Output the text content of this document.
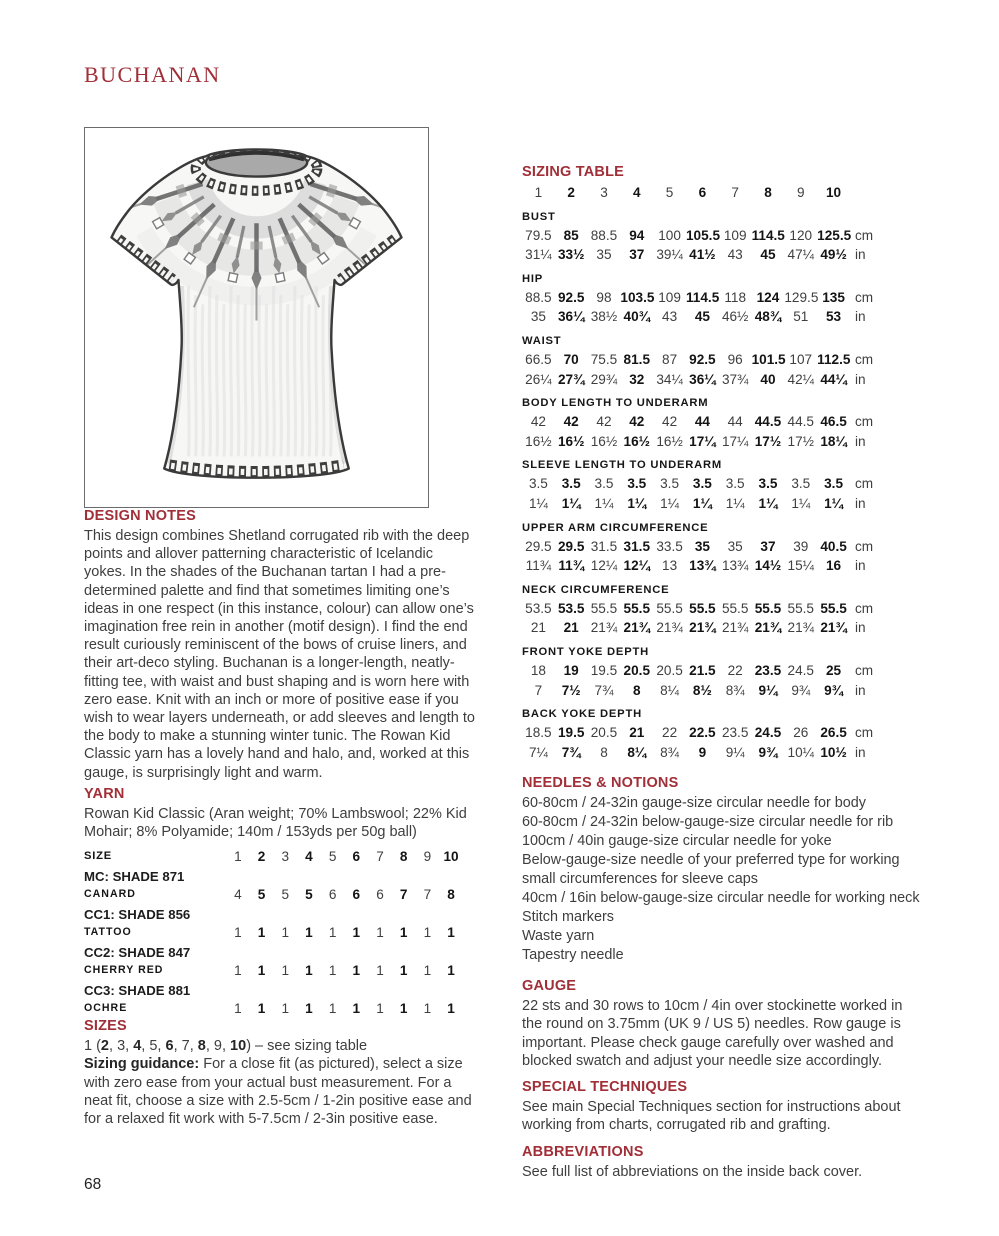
BUCHANAN
DESIGN NOTES

This design combines Shetland corrugated rib with the deep points and allover patterning characteristic of Icelandic yokes. In the shades of the Buchanan tartan I had a pre-determined palette and find that sometimes limiting one’s ideas in one respect (in this instance, colour) can allow one’s imagination free rein in another (motif design). I find the end result curiously reminiscent of the bows of cruise liners, and their art-deco styling. Buchanan is a longer-length, neatly-fitting tee, with waist and bust shaping and is worn here with zero ease. Knit with an inch or more of positive ease if you wish to wear layers underneath, or add sleeves and length to the body to make a stunning winter tunic. The Rowan Kid Classic yarn has a lovely hand and halo, and, worked at this gauge, is surprisingly light and warm.

YARN

Rowan Kid Classic (Aran weight; 70% Lambswool; 22% Kid Mohair; 8% Polyamide; 140m / 153yds per 50g ball)

SIZE	1	2	3	4	5	6	7	8	9 10
MC: SHADE 871
CANARD	4	5	5	5	6	6	6	7	7	8
CC1: SHADE 856
TATTOO	1	1	1	1	1	1	1	1	1	1
CC2: SHADE 847
CHERRY RED	1	1	1	1	1	1	1	1	1	1
CC3: SHADE 881
OCHRE	1	1	1	1	1	1	1	1	1	1
SIZES
1 (2, 3, 4, 5, 6, 7, 8, 9, 10) – see sizing table

Sizing guidance: For a close fit (as pictured), select a size with zero ease from your actual bust measurement. For a neat fit, choose a size with 2.5-5cm / 1-2in positive ease and for a relaxed fit work with 5-7.5cm / 2-3in positive ease.

SIZING TABLE
1	2	3	4	5	6	7	8	9	10
BUST
79.5 85 88.5 94	100 105.5 109 114.5 120 125.5 cm
31¼ 33½ 35	37 39¼ 41½ 43	45 47¼ 49½ in
HIP
88.5 92.5 98 103.5 109 114.5 118 124 129.5 135 cm
35 36¼ 38½ 40¾ 43	45 46½ 48¾ 51	53	in
WAIST
66.5 70 75.5 81.5 87 92.5 96 101.5 107 112.5 cm
26¼ 27¾ 29¾ 32 34¼ 36¼ 37¾ 40 42¼ 44¼ in
BODY LENGTH TO UNDERARM
42	42	42	42	42	44	44 44.5 44.5 46.5 cm
16½ 16½ 16½ 16½ 16½ 17¼ 17¼ 17½ 17½ 18¼ in
SLEEVE LENGTH TO UNDERARM
3.5	3.5	3.5	3.5	3.5	3.5	3.5	3.5	3.5	3.5 cm
1¼	1¼	1¼	1¼	1¼	1¼	1¼	1¼	1¼	1¼ in
UPPER ARM CIRCUMFERENCE
29.5 29.5 31.5 31.5 33.5 35	35	37	39 40.5 cm
11¾ 11¾ 12¼ 12¼ 13 13¾ 13¾ 14½ 15¼ 16	in
NECK CIRCUMFERENCE
53.5 53.5 55.5 55.5 55.5 55.5 55.5 55.5 55.5 55.5 cm
21	21 21¾ 21¾ 21¾ 21¾ 21¾ 21¾ 21¾ 21¾ in
FRONT YOKE DEPTH
18	19 19.5 20.5 20.5 21.5 22 23.5 24.5 25	cm
7	7½	7¾	8	8¼	8½	8¾	9¼	9¾	9¾ in
BACK YOKE DEPTH
18.5 19.5 20.5 21	22 22.5 23.5 24.5 26 26.5 cm
7¼	7¾	8	8¼	8¾	9	9¼	9¾ 10¼ 10½ in
NEEDLES & NOTIONS
60-80cm / 24-32in gauge-size circular needle for body
60-80cm / 24-32in below-gauge-size circular needle for rib
100cm / 40in gauge-size circular needle for yoke
Below-gauge-size needle of your preferred type for working small circumferences for sleeve caps
40cm / 16in below-gauge-size circular needle for working neck
Stitch markers
Waste yarn
Tapestry needle
GAUGE

22 sts and 30 rows to 10cm / 4in over stockinette worked in the round on 3.75mm (UK 9 / US 5) needles. Row gauge is important. Please check gauge carefully over washed and blocked swatch and adjust your needle size accordingly.

SPECIAL TECHNIQUES

See main Special Techniques section for instructions about working from charts, corrugated rib and grafting.

ABBREVIATIONS

See full list of abbreviations on the inside back cover.

68
